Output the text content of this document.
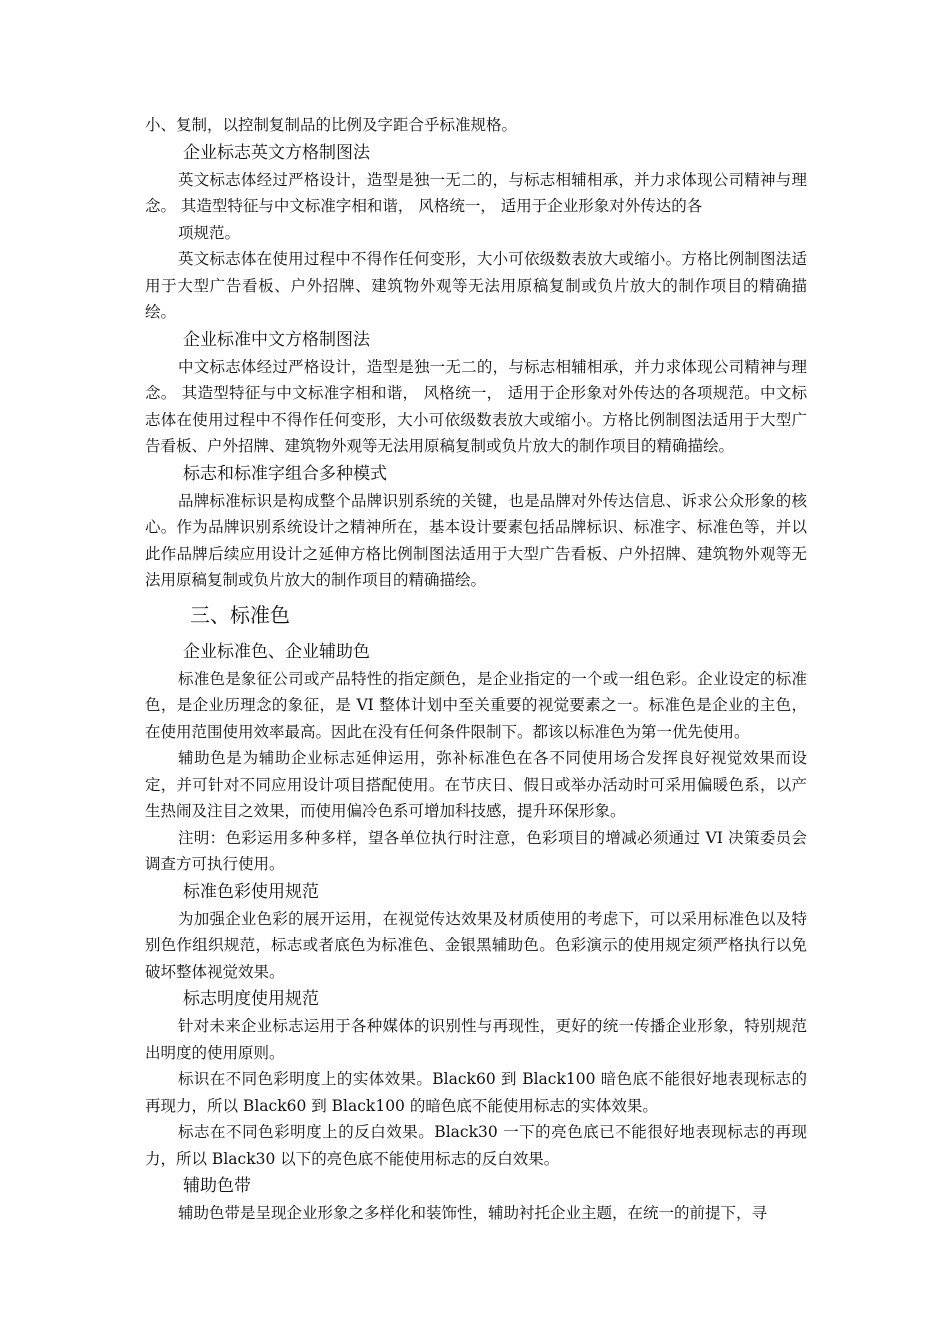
小、复制，以控制复制品的比例及字距合乎标准规格。

企业标志英文方格制图法

英文标志体经过严格设计，造型是独一无二的，与标志相辅相承，并力求体现公司精神与理念。 其造型特征与中文标准字相和谐， 风格统一， 适用于企业形象对外传达的各

项规范。

英文标志体在使用过程中不得作任何变形，大小可依级数表放大或缩小。方格比例制图法适用于大型广告看板、户外招牌、建筑物外观等无法用原稿复制或负片放大的制作项目的精确描绘。

企业标准中文方格制图法

中文标志体经过严格设计，造型是独一无二的，与标志相辅相承，并力求体现公司精神与理念。 其造型特征与中文标准字相和谐， 风格统一， 适用于企形象对外传达的各项规范。中文标志体在使用过程中不得作任何变形，大小可依级数表放大或缩小。方格比例制图法适用于大型广告看板、户外招牌、建筑物外观等无法用原稿复制或负片放大的制作项目的精确描绘。

标志和标准字组合多种模式

品牌标准标识是构成整个品牌识别系统的关键，也是品牌对外传达信息、诉求公众形象的核心。作为品牌识别系统设计之精神所在，基本设计要素包括品牌标识、标准字、标准色等，并以此作品牌后续应用设计之延伸方格比例制图法适用于大型广告看板、户外招牌、建筑物外观等无法用原稿复制或负片放大的制作项目的精确描绘。

三、标准色

企业标准色、企业辅助色

标准色是象征公司或产品特性的指定颜色，是企业指定的一个或一组色彩。企业设定的标准色，是企业历理念的象征，是 VI 整体计划中至关重要的视觉要素之一。标准色是企业的主色，在使用范围使用效率最高。因此在没有任何条件限制下。都该以标准色为第一优先使用。

辅助色是为辅助企业标志延伸运用，弥补标准色在各不同使用场合发挥良好视觉效果而设定，并可针对不同应用设计项目搭配使用。在节庆日、假日或举办活动时可采用偏暖色系，以产生热闹及注目之效果，而使用偏冷色系可增加科技感，提升环保形象。

注明：色彩运用多种多样，望各单位执行时注意，色彩项目的增减必须通过 VI 决策委员会调查方可执行使用。

标准色彩使用规范

为加强企业色彩的展开运用，在视觉传达效果及材质使用的考虑下，可以采用标准色以及特别色作组织规范，标志或者底色为标准色、金银黑辅助色。色彩演示的使用规定须严格执行以免破坏整体视觉效果。

标志明度使用规范

针对未来企业标志运用于各种媒体的识别性与再现性，更好的统一传播企业形象，特别规范出明度的使用原则。

标识在不同色彩明度上的实体效果。Black60 到 Black100 暗色底不能很好地表现标志的再现力，所以 Black60 到 Black100 的暗色底不能使用标志的实体效果。

标志在不同色彩明度上的反白效果。Black30 一下的亮色底已不能很好地表现标志的再现力，所以 Black30 以下的亮色底不能使用标志的反白效果。

辅助色带

辅助色带是呈现企业形象之多样化和装饰性，辅助衬托企业主题，在统一的前提下，寻
